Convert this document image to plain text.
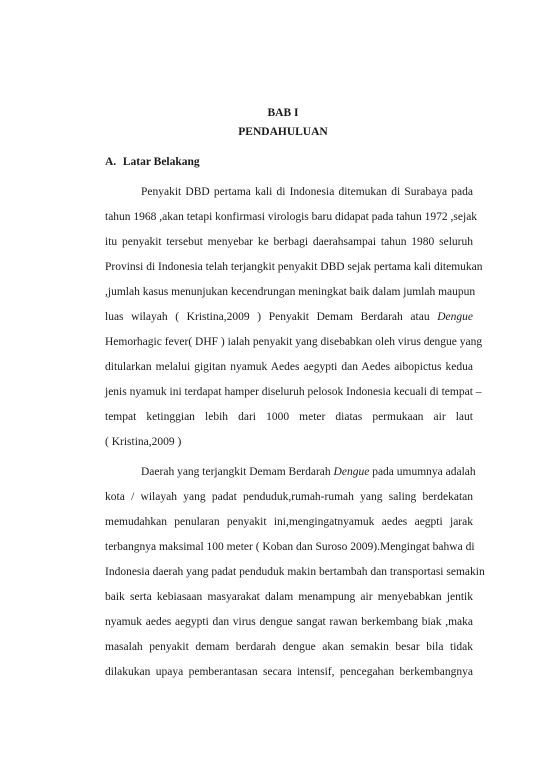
BAB I
PENDAHULUAN
A. Latar Belakang
Penyakit DBD pertama kali di Indonesia ditemukan di Surabaya pada
tahun 1968 ,akan tetapi konfirmasi virologis baru didapat pada tahun 1972 ,sejak
itu penyakit tersebut menyebar ke berbagi daerahsampai tahun 1980 seluruh
Provinsi di Indonesia telah terjangkit penyakit DBD sejak pertama kali ditemukan
,jumlah kasus menunjukan kecendrungan meningkat baik dalam jumlah maupun
luas wilayah ( Kristina,2009 ) Penyakit Demam Berdarah atau Dengue
Hemorhagic fever( DHF ) ialah penyakit yang disebabkan oleh virus dengue yang
ditularkan melalui gigitan nyamuk Aedes aegypti dan Aedes aibopictus kedua
jenis nyamuk ini terdapat hamper diseluruh pelosok Indonesia kecuali di tempat –
tempat ketinggian lebih dari 1000 meter diatas permukaan air laut
( Kristina,2009 )
Daerah yang terjangkit Demam Berdarah Dengue pada umumnya adalah
kota / wilayah yang padat penduduk,rumah-rumah yang saling berdekatan
memudahkan penularan penyakit ini,mengingatnyamuk aedes aegpti jarak
terbangnya maksimal 100 meter ( Koban dan Suroso 2009).Mengingat bahwa di
Indonesia daerah yang padat penduduk makin bertambah dan transportasi semakin
baik serta kebiasaan masyarakat dalam menampung air menyebabkan jentik
nyamuk aedes aegypti dan virus dengue sangat rawan berkembang biak ,maka
masalah penyakit demam berdarah dengue akan semakin besar bila tidak
dilakukan upaya pemberantasan secara intensif, pencegahan berkembangnya
